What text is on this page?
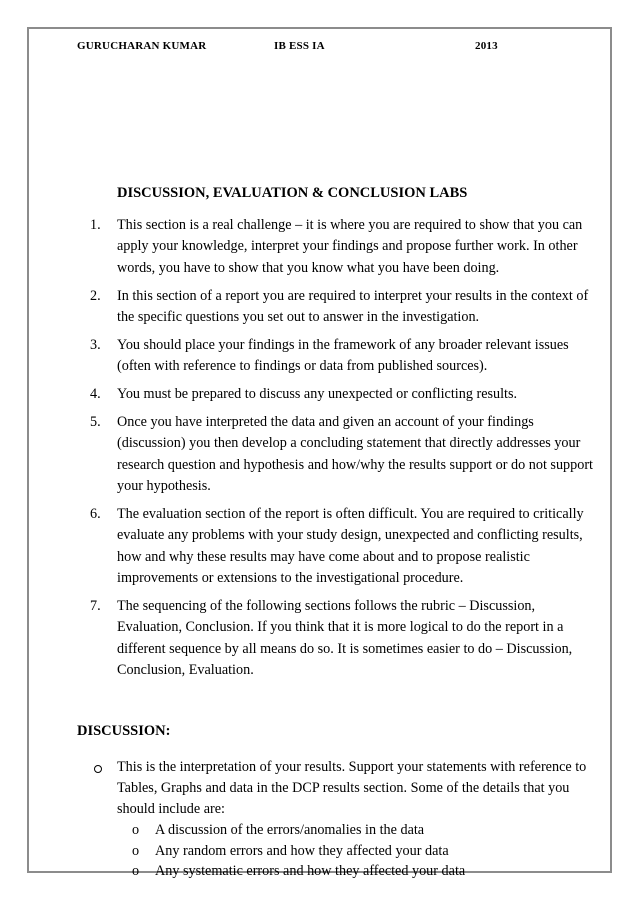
GURUCHARAN KUMAR	IB ESS IA	2013
DISCUSSION, EVALUATION & CONCLUSION LABS
1. This section is a real challenge – it is where you are required to show that you can apply your knowledge, interpret your findings and propose further work. In other words, you have to show that you know what you have been doing.
2. In this section of a report you are required to interpret your results in the context of the specific questions you set out to answer in the investigation.
3. You should place your findings in the framework of any broader relevant issues (often with reference to findings or data from published sources).
4. You must be prepared to discuss any unexpected or conflicting results.
5. Once you have interpreted the data and given an account of your findings (discussion) you then develop a concluding statement that directly addresses your research question and hypothesis and how/why the results support or do not support your hypothesis.
6. The evaluation section of the report is often difficult. You are required to critically evaluate any problems with your study design, unexpected and conflicting results, how and why these results may have come about and to propose realistic improvements or extensions to the investigational procedure.
7. The sequencing of the following sections follows the rubric – Discussion, Evaluation, Conclusion. If you think that it is more logical to do the report in a different sequence by all means do so. It is sometimes easier to do – Discussion, Conclusion, Evaluation.
DISCUSSION:
This is the interpretation of your results. Support your statements with reference to Tables, Graphs and data in the DCP results section. Some of the details that you should include are:
o A discussion of the errors/anomalies in the data
o Any random errors and how they affected your data
o Any systematic errors and how they affected your data
